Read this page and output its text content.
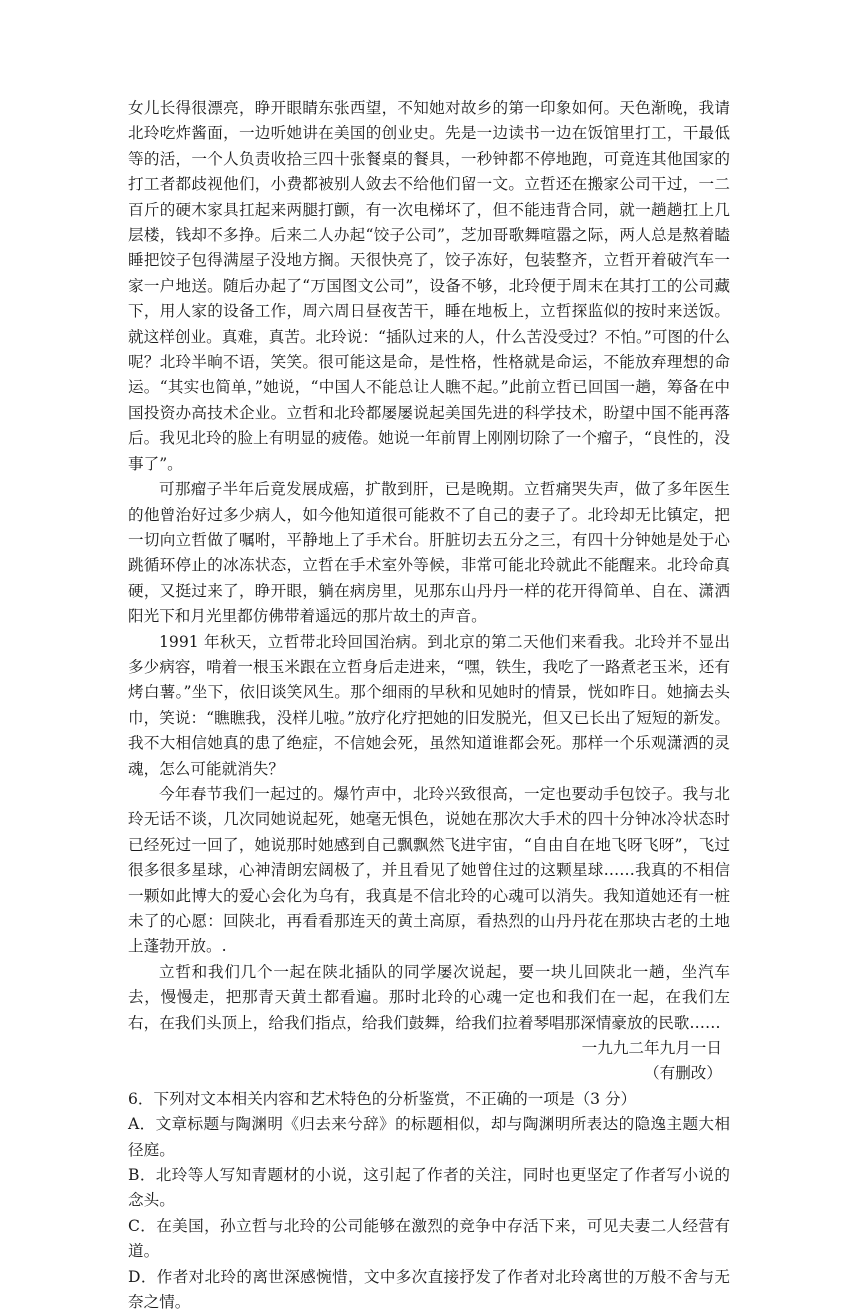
女儿长得很漂亮，睁开眼睛东张西望，不知她对故乡的第一印象如何。天色渐晚，我请北玲吃炸酱面，一边听她讲在美国的创业史。先是一边读书一边在饭馆里打工，干最低等的活，一个人负责收拾三四十张餐桌的餐具，一秒钟都不停地跑，可竟连其他国家的打工者都歧视他们，小费都被别人敛去不给他们留一文。立哲还在搬家公司干过，一二百斤的硬木家具扛起来两腿打颤，有一次电梯坏了，但不能违背合同，就一趟趟扛上几层楼，钱却不多挣。后来二人办起“饺子公司”，芝加哥歌舞喧嚣之际，两人总是熬着瞌睡把饺子包得满屋子没地方搁。天很快亮了，饺子冻好，包装整齐，立哲开着破汽车一家一户地送。随后办起了“万国图文公司”，设备不够，北玲便于周末在其打工的公司藏下，用人家的设备工作，周六周日昼夜苦干，睡在地板上，立哲探监似的按时来送饭。就这样创业。真难，真苦。北玲说：“插队过来的人，什么苦没受过？不怕。”可图的什么呢？北玲半晌不语，笑笑。很可能这是命，是性格，性格就是命运，不能放弃理想的命运。“其实也简单，”她说，“中国人不能总让人瞧不起。”此前立哲已回国一趟，筹备在中国投资办高技术企业。立哲和北玲都屡屡说起美国先进的科学技术，盼望中国不能再落后。我见北玲的脸上有明显的疲倦。她说一年前胃上刚刚切除了一个瘤子，“良性的，没事了”。

可那瘤子半年后竟发展成癌，扩散到肝，已是晚期。立哲痛哭失声，做了多年医生的他曾治好过多少病人，如今他知道很可能救不了自己的妻子了。北玲却无比镇定，把一切向立哲做了嘱咐，平静地上了手术台。肝脏切去五分之三，有四十分钟她是处于心跳循环停止的冰冻状态，立哲在手术室外等候，非常可能北玲就此不能醒来。北玲命真硬，又挺过来了，睁开眼，躺在病房里，见那东山丹丹一样的花开得简单、自在、潇洒阳光下和月光里都仿佛带着遥远的那片故土的声音。

1991 年秋天，立哲带北玲回国治病。到北京的第二天他们来看我。北玲并不显出多少病容，啃着一根玉米跟在立哲身后走进来，“嘿，铁生，我吃了一路煮老玉米，还有烤白薯。”坐下，依旧谈笑风生。那个细雨的早秋和见她时的情景，恍如昨日。她摘去头巾，笑说：“瞧瞧我，没样儿啦。”放疗化疗把她的旧发脱光，但又已长出了短短的新发。我不大相信她真的患了绝症，不信她会死，虽然知道谁都会死。那样一个乐观潇洒的灵魂，怎么可能就消失？

今年春节我们一起过的。爆竹声中，北玲兴致很高，一定也要动手包饺子。我与北玲无话不谈，几次同她说起死，她毫无惧色，说她在那次大手术的四十分钟冰冷状态时已经死过一回了，她说那时她感到自己飘飘然飞进宇宙，“自由自在地飞呀飞呀”，飞过很多很多星球，心神清朗宏阔极了，并且看见了她曾住过的这颗星球……我真的不相信一颗如此博大的爱心会化为乌有，我真是不信北玲的心魂可以消失。我知道她还有一桩未了的心愿：回陕北，再看看那连天的黄土高原，看热烈的山丹丹花在那块古老的土地上蓬勃开放。.

立哲和我们几个一起在陕北插队的同学屡次说起，要一块儿回陕北一趟，坐汽车去，慢慢走，把那青天黄土都看遍。那时北玲的心魂一定也和我们在一起，在我们左右，在我们头顶上，给我们指点，给我们鼓舞，给我们拉着琴唱那深情豪放的民歌……

一九九二年九月一日

（有删改）

6．下列对文本相关内容和艺术特色的分析鉴赏，不正确的一项是（3 分）

A．文章标题与陶渊明《归去来兮辞》的标题相似，却与陶渊明所表达的隐逸主题大相径庭。

B．北玲等人写知青题材的小说，这引起了作者的关注，同时也更坚定了作者写小说的念头。

C．在美国，孙立哲与北玲的公司能够在激烈的竞争中存活下来，可见夫妻二人经营有道。

D．作者对北玲的离世深感惋惜，文中多次直接抒发了作者对北玲离世的万般不舍与无奈之情。
